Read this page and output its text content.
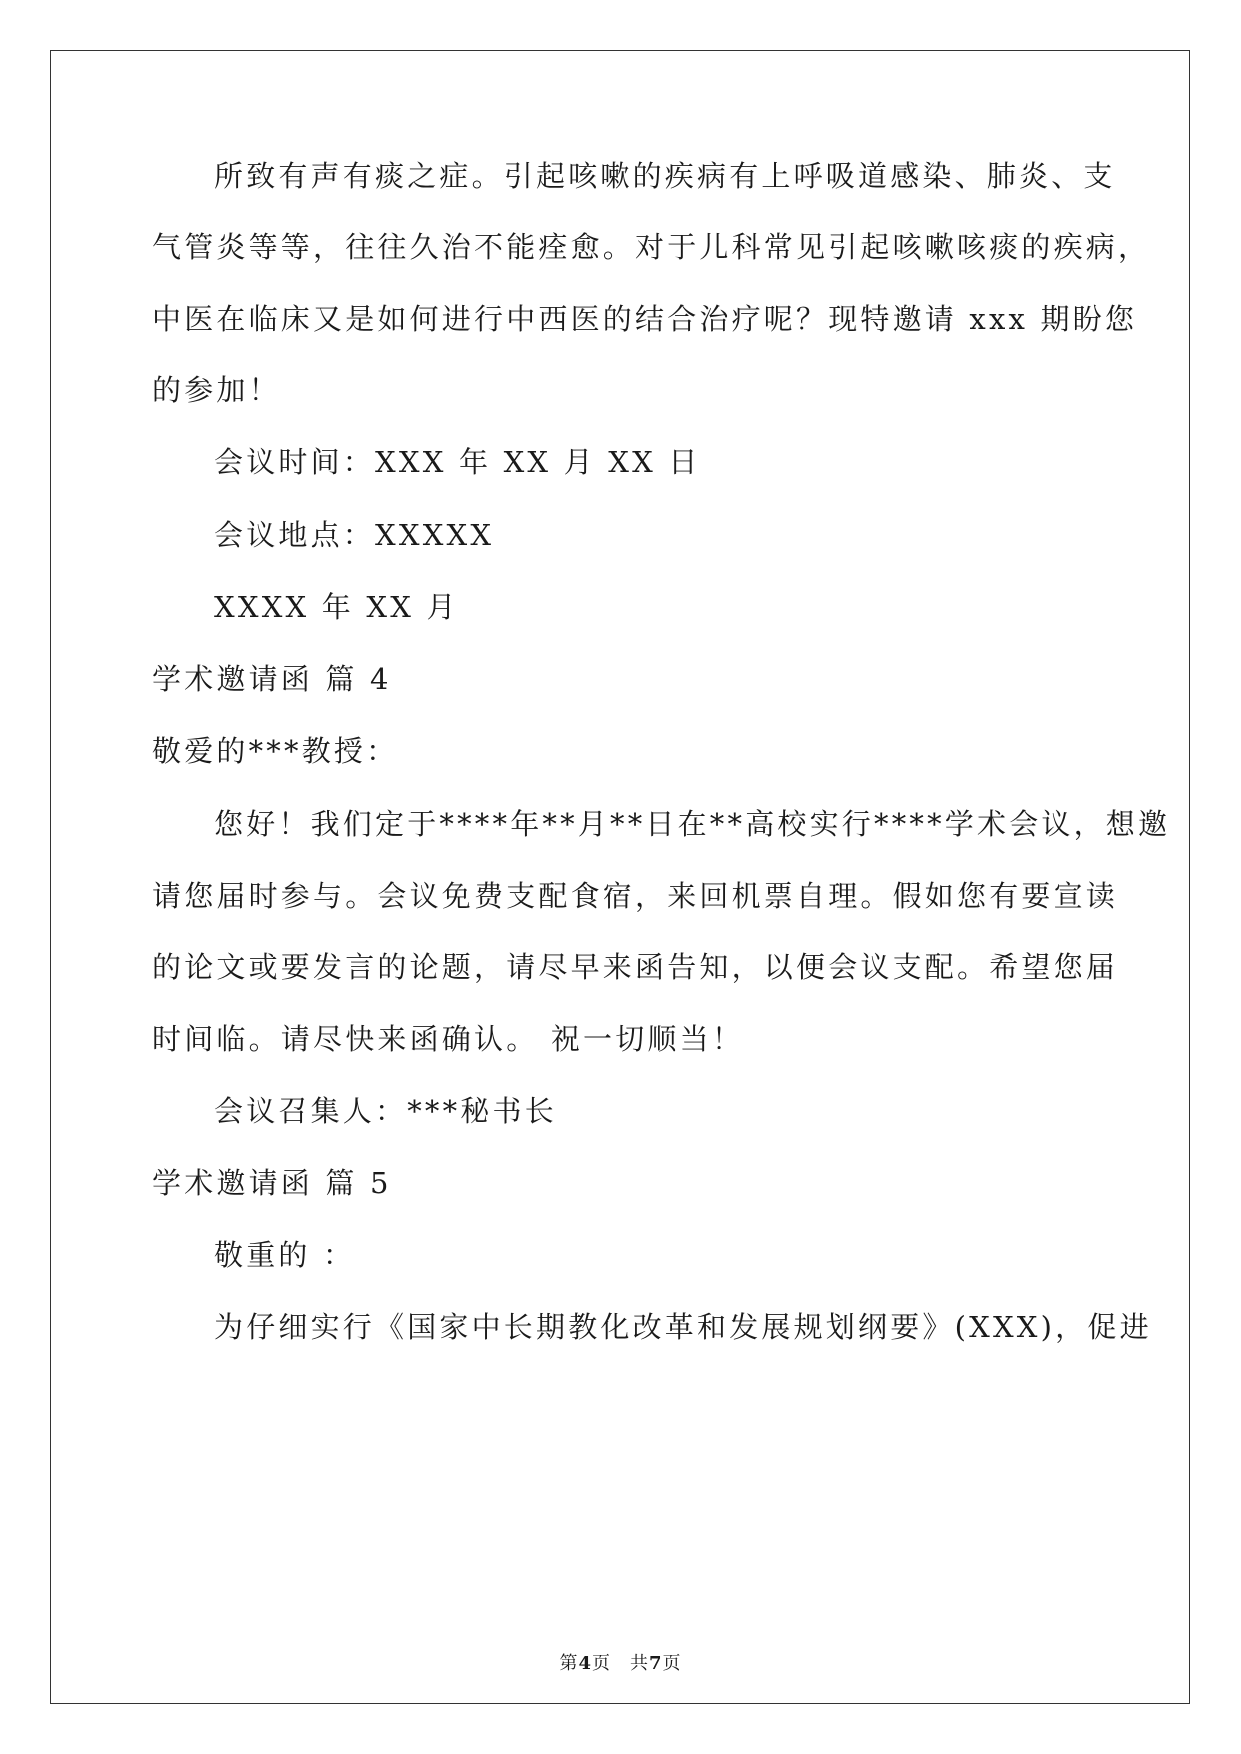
所致有声有痰之症。引起咳嗽的疾病有上呼吸道感染、肺炎、支
气管炎等等，往往久治不能痊愈。对于儿科常见引起咳嗽咳痰的疾病，
中医在临床又是如何进行中西医的结合治疗呢？现特邀请 xxx 期盼您
的参加！
会议时间：XXX 年 XX 月 XX 日
会议地点：XXXXX
XXXX 年 XX 月
学术邀请函 篇 4
敬爱的***教授：
您好！我们定于****年**月**日在**高校实行****学术会议，想邀
请您届时参与。会议免费支配食宿，来回机票自理。假如您有要宣读
的论文或要发言的论题，请尽早来函告知，以便会议支配。希望您届
时间临。请尽快来函确认。 祝一切顺当！
会议召集人：***秘书长
学术邀请函 篇 5
敬重的 ：
为仔细实行《国家中长期教化改革和发展规划纲要》(XXX)，促进
第4页　共7页
